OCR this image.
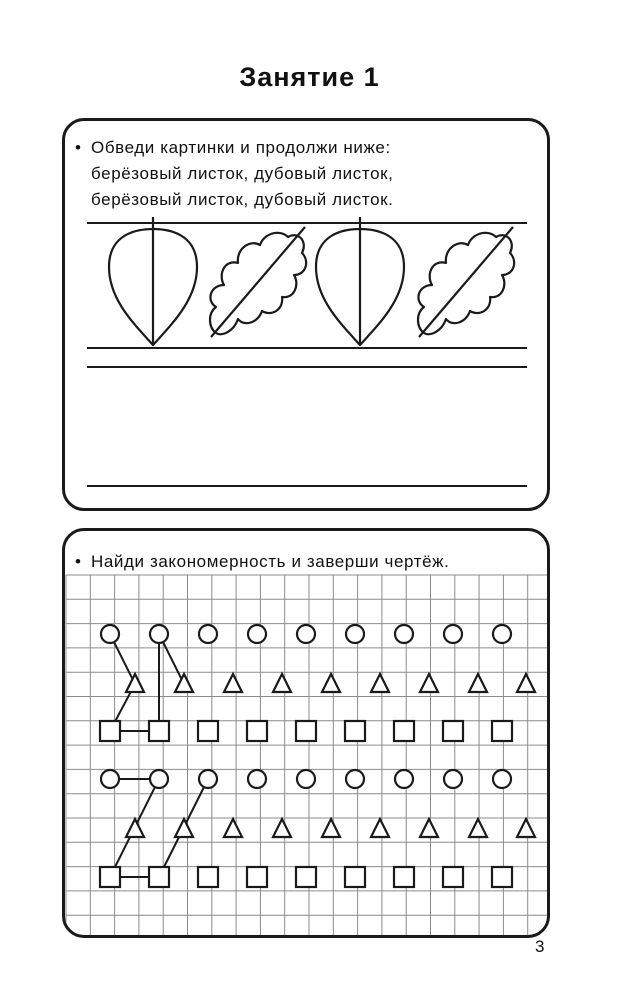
Занятие 1
• Обведи картинки и продолжи ниже:
берёзовый листок, дубовый листок,
берёзовый листок, дубовый листок.
• Найди закономерность и заверши чертёж.
3
